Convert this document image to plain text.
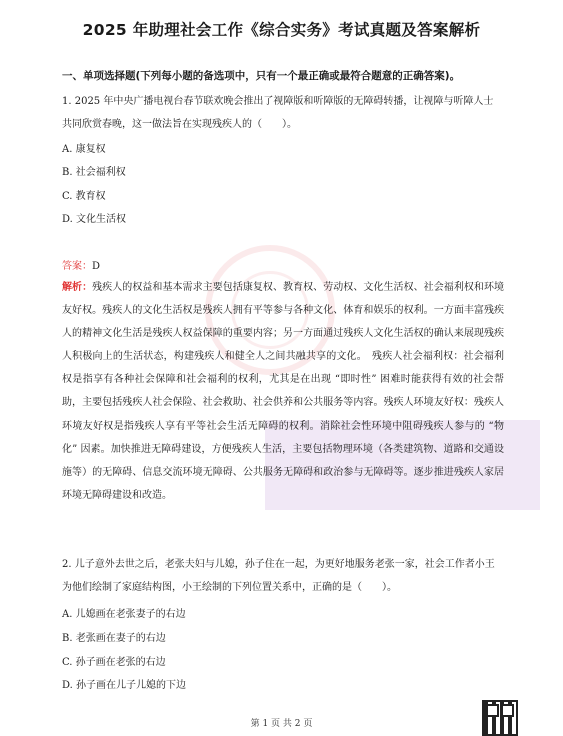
2025 年助理社会工作《综合实务》考试真题及答案解析
一、单项选择题(下列每小题的备选项中，只有一个最正确或最符合题意的正确答案)。
1. 2025 年中央广播电视台春节联欢晚会推出了视障版和听障版的无障碍转播，让视障与听障人士共同欣赏春晚，这一做法旨在实现残疾人的（　　）。
A. 康复权
B. 社会福利权
C. 教育权
D. 文化生活权
答案：D
解析：残疾人的权益和基本需求主要包括康复权、教育权、劳动权、文化生活权、社会福利权和环境友好权。残疾人的文化生活权是残疾人拥有平等参与各种文化、体育和娱乐的权利。一方面丰富残疾人的精神文化生活是残疾人权益保障的重要内容；另一方面通过残疾人文化生活权的确认来展现残疾人积极向上的生活状态，构建残疾人和健全人之间共融共享的文化。　残疾人社会福利权：社会福利权是指享有各种社会保障和社会福利的权利，尤其是在出现 “即时性” 困难时能获得有效的社会帮助，主要包括残疾人社会保险、社会救助、社会供养和公共服务等内容。残疾人环境友好权：残疾人环境友好权是指残疾人享有平等社会生活无障碍的权利。消除社会性环境中阻碍残疾人参与的 “物化” 因素。加快推进无障碍建设，方便残疾人生活，主要包括物理环境（各类建筑物、道路和交通设施等）的无障碍、信息交流环境无障碍、公共服务无障碍和政治参与无障碍等。逐步推进残疾人家居环境无障碍建设和改造。
2. 儿子意外去世之后，老张夫妇与儿媳，孙子住在一起，为更好地服务老张一家，社会工作者小王为他们绘制了家庭结构图，小王绘制的下列位置关系中，正确的是（　　）。
A. 儿媳画在老张妻子的右边
B. 老张画在妻子的右边
C. 孙子画在老张的右边
D. 孙子画在儿子儿媳的下边
第 1 页 共 2 页
